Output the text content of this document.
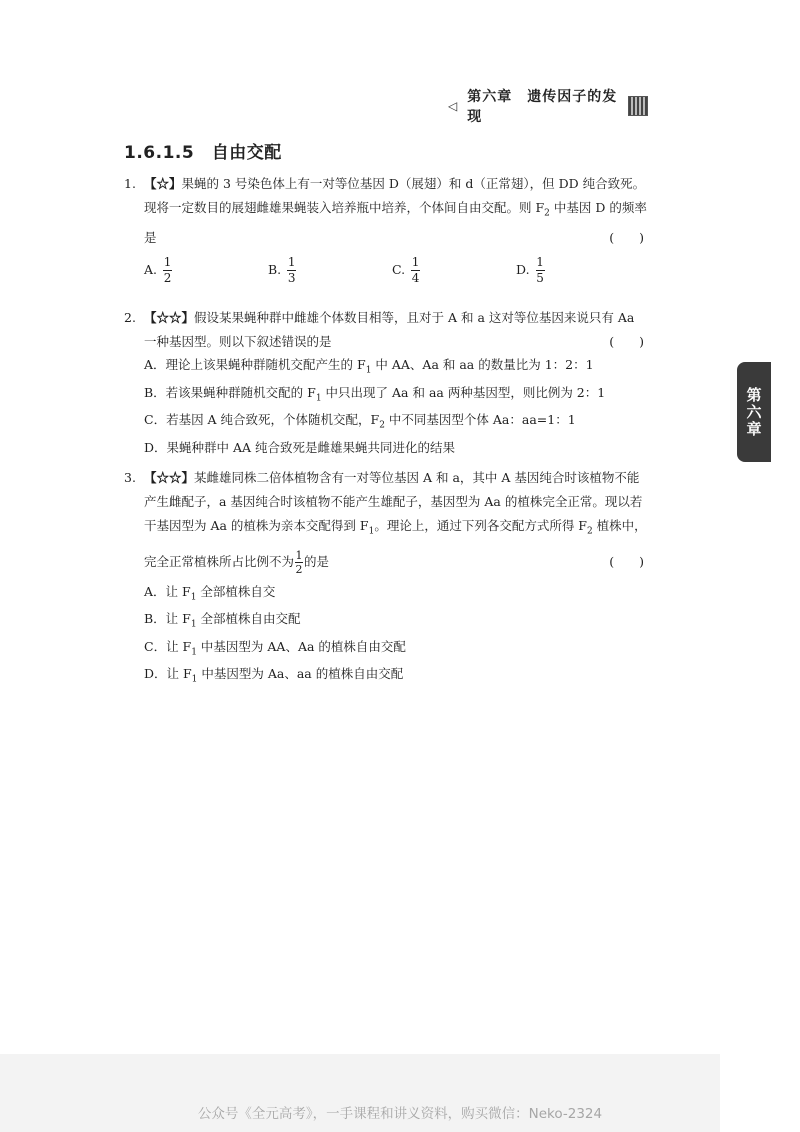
◁
第六章　遗传因子的发现
1.6.1.5　自由交配
1. 【☆】果蝇的 3 号染色体上有一对等位基因 D（展翅）和 d（正常翅），但 DD 纯合致死。
现将一定数目的展翅雌雄果蝇装入培养瓶中培养，个体间自由交配。则 $F_2$ 中基因 D 的频率
是	(　　)
A. $\frac{1}{2}$	B. $\frac{1}{3}$	C. $\frac{1}{4}$	D. $\frac{1}{5}$
2. 【☆☆】假设某果蝇种群中雌雄个体数目相等，且对于 A 和 a 这对等位基因来说只有 Aa
一种基因型。则以下叙述错误的是	(　　)
A．理论上该果蝇种群随机交配产生的 $F_1$ 中 AA、Aa 和 aa 的数量比为 1：2：1
B．若该果蝇种群随机交配的 $F_1$ 中只出现了 Aa 和 aa 两种基因型，则比例为 2：1
C．若基因 A 纯合致死，个体随机交配，$F_2$ 中不同基因型个体 Aa：aa=1：1
D．果蝇种群中 AA 纯合致死是雌雄果蝇共同进化的结果
第六章
3. 【☆☆】某雌雄同株二倍体植物含有一对等位基因 A 和 a，其中 A 基因纯合时该植物不能
产生雌配子，a 基因纯合时该植物不能产生雄配子，基因型为 Aa 的植株完全正常。现以若
干基因型为 Aa 的植株为亲本交配得到 $F_1$。理论上，通过下列各交配方式所得 $F_2$ 植株中，
完全正常植株所占比例不为 $\frac{1}{2}$ 的是	(　　)
A．让 $F_1$ 全部植株自交
B．让 $F_1$ 全部植株自由交配
C．让 $F_1$ 中基因型为 AA、Aa 的植株自由交配
D．让 $F_1$ 中基因型为 Aa、aa 的植株自由交配
公众号《全元高考》，一手课程和讲义资料，购买微信：Neko-2324
